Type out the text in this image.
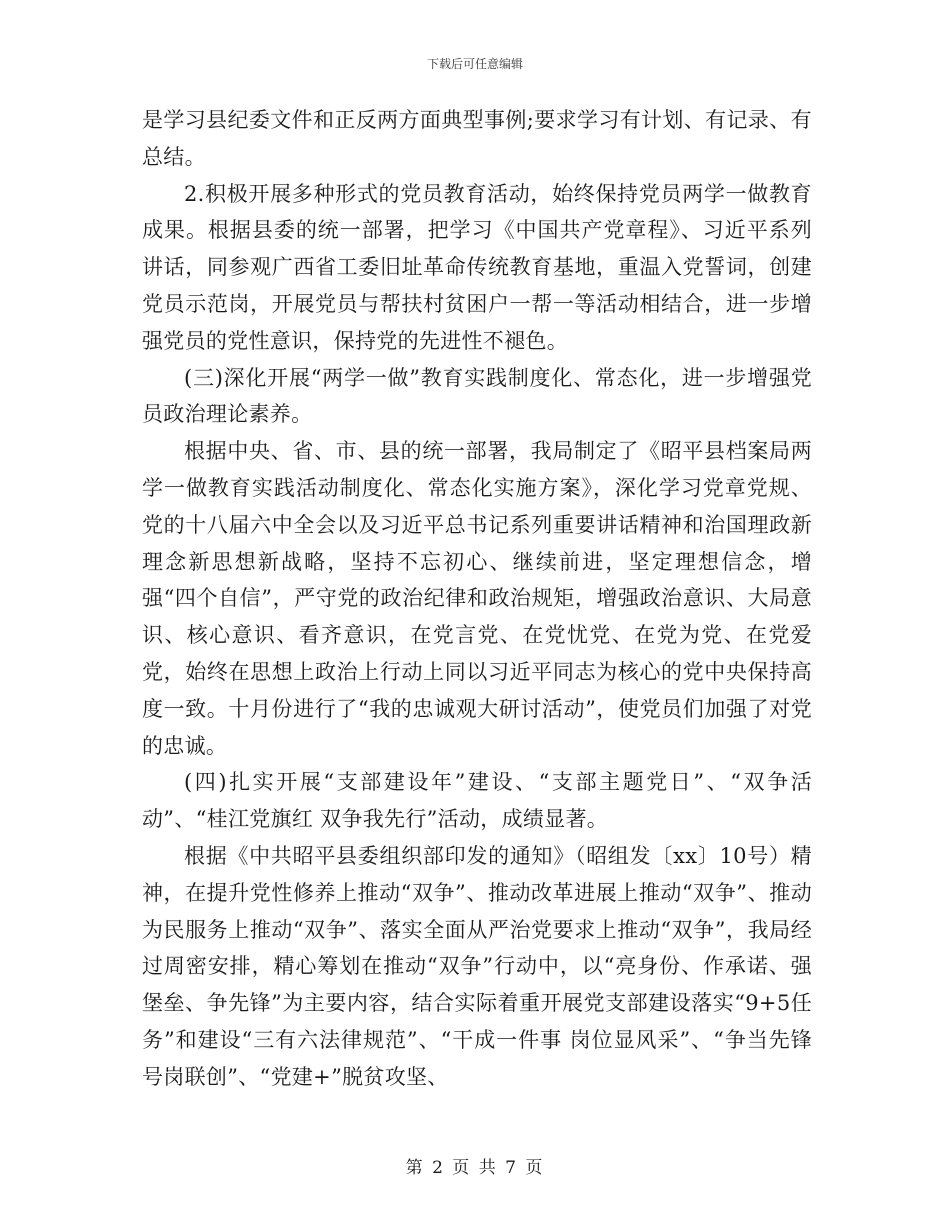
下载后可任意编辑

是学习县纪委文件和正反两方面典型事例;要求学习有计划、有记录、有总结。

2.积极开展多种形式的党员教育活动，始终保持党员两学一做教育成果。根据县委的统一部署，把学习《中国共产党章程》、习近平系列讲话，同参观广西省工委旧址革命传统教育基地，重温入党誓词，创建党员示范岗，开展党员与帮扶村贫困户一帮一等活动相结合，进一步增强党员的党性意识，保持党的先进性不褪色。

(三)深化开展“两学一做”教育实践制度化、常态化，进一步增强党员政治理论素养。

根据中央、省、市、县的统一部署，我局制定了《昭平县档案局两学一做教育实践活动制度化、常态化实施方案》，深化学习党章党规、党的十八届六中全会以及习近平总书记系列重要讲话精神和治国理政新理念新思想新战略，坚持不忘初心、继续前进，坚定理想信念，增强“四个自信”，严守党的政治纪律和政治规矩，增强政治意识、大局意识、核心意识、看齐意识，在党言党、在党忧党、在党为党、在党爱党，始终在思想上政治上行动上同以习近平同志为核心的党中央保持高度一致。十月份进行了“我的忠诚观大研讨活动”，使党员们加强了对党的忠诚。

(四)扎实开展“支部建设年”建设、“支部主题党日”、“双争活动”、“桂江党旗红 双争我先行”活动，成绩显著。

根据《中共昭平县委组织部印发的通知》（昭组发〔xx〕10号）精神，在提升党性修养上推动“双争”、推动改革进展上推动“双争”、推动为民服务上推动“双争”、落实全面从严治党要求上推动“双争”，我局经过周密安排，精心筹划在推动“双争”行动中，以“亮身份、作承诺、强堡垒、争先锋”为主要内容，结合实际着重开展党支部建设落实“9+5任务”和建设“三有六法律规范”、“干成一件事 岗位显风采”、“争当先锋 号岗联创”、“党建+”脱贫攻坚、

第 2 页 共 7 页
